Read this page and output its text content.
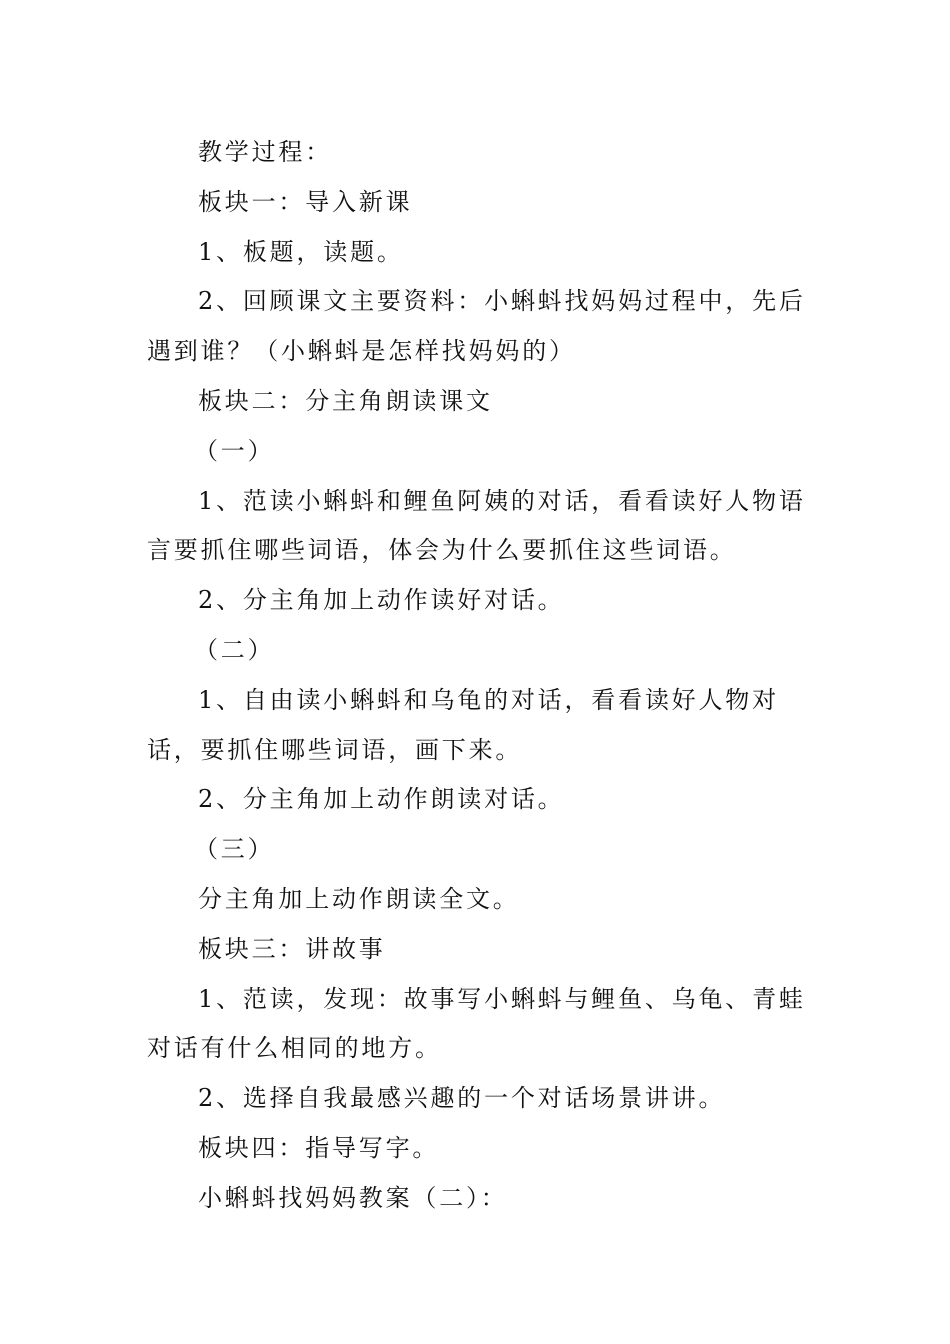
教学过程：

板块一：导入新课

1、板题，读题。

2、回顾课文主要资料：小蝌蚪找妈妈过程中，先后遇到谁？（小蝌蚪是怎样找妈妈的）

板块二：分主角朗读课文

（一）

1、范读小蝌蚪和鲤鱼阿姨的对话，看看读好人物语言要抓住哪些词语，体会为什么要抓住这些词语。

2、分主角加上动作读好对话。

（二）

1、自由读小蝌蚪和乌龟的对话，看看读好人物对话，要抓住哪些词语，画下来。

2、分主角加上动作朗读对话。

（三）

分主角加上动作朗读全文。

板块三：讲故事

1、范读，发现：故事写小蝌蚪与鲤鱼、乌龟、青蛙对话有什么相同的地方。

2、选择自我最感兴趣的一个对话场景讲讲。

板块四：指导写字。

小蝌蚪找妈妈教案（二）：
